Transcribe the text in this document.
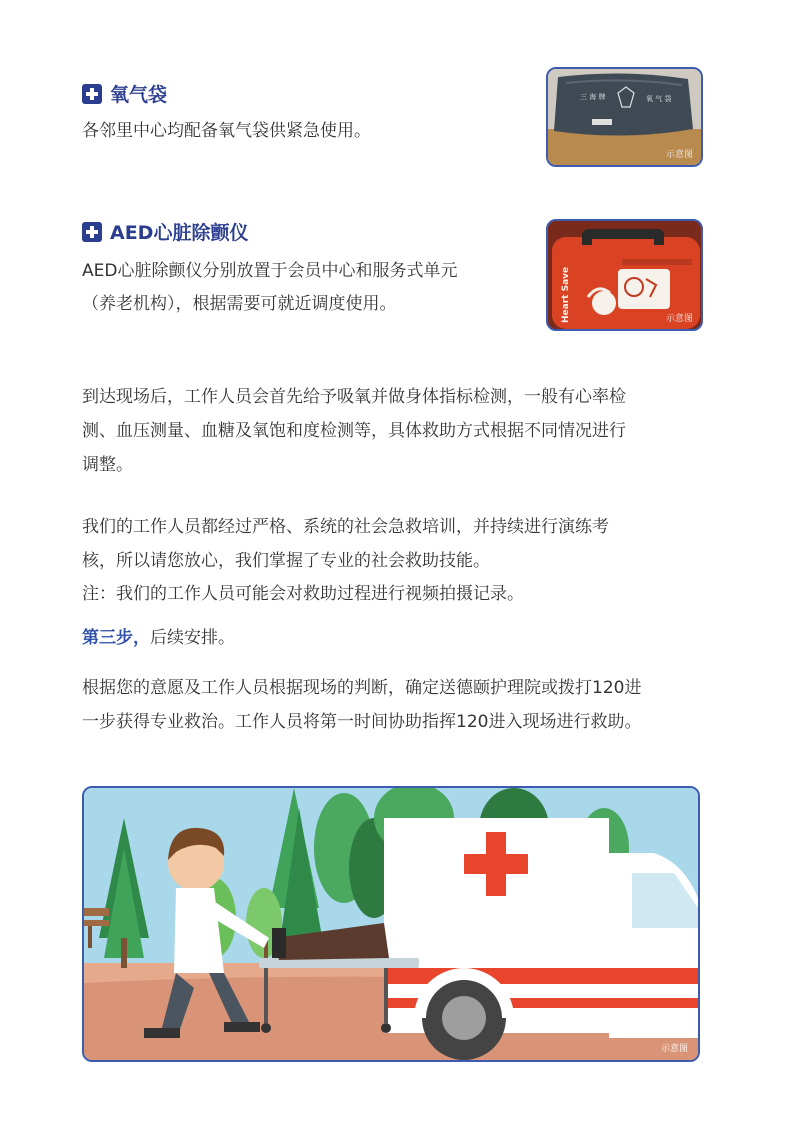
氧气袋
各邻里中心均配备氧气袋供紧急使用。
三 海 牌	氧 气 袋
示意图
AED心脏除颤仪
AED心脏除颤仪分别放置于会员中心和服务式单元
（养老机构），根据需要可就近调度使用。	Heart Save	示意图
到达现场后，工作人员会首先给予吸氧并做身体指标检测，一般有心率检
测、血压测量、血糖及氧饱和度检测等，具体救助方式根据不同情况进行
调整。
我们的工作人员都经过严格、系统的社会急救培训，并持续进行演练考
核，所以请您放心，我们掌握了专业的社会救助技能。
注：我们的工作人员可能会对救助过程进行视频拍摄记录。
第三步，后续安排。
根据您的意愿及工作人员根据现场的判断，确定送德颐护理院或拨打120进
一步获得专业救治。工作人员将第一时间协助指挥120进入现场进行救助。
示意图
